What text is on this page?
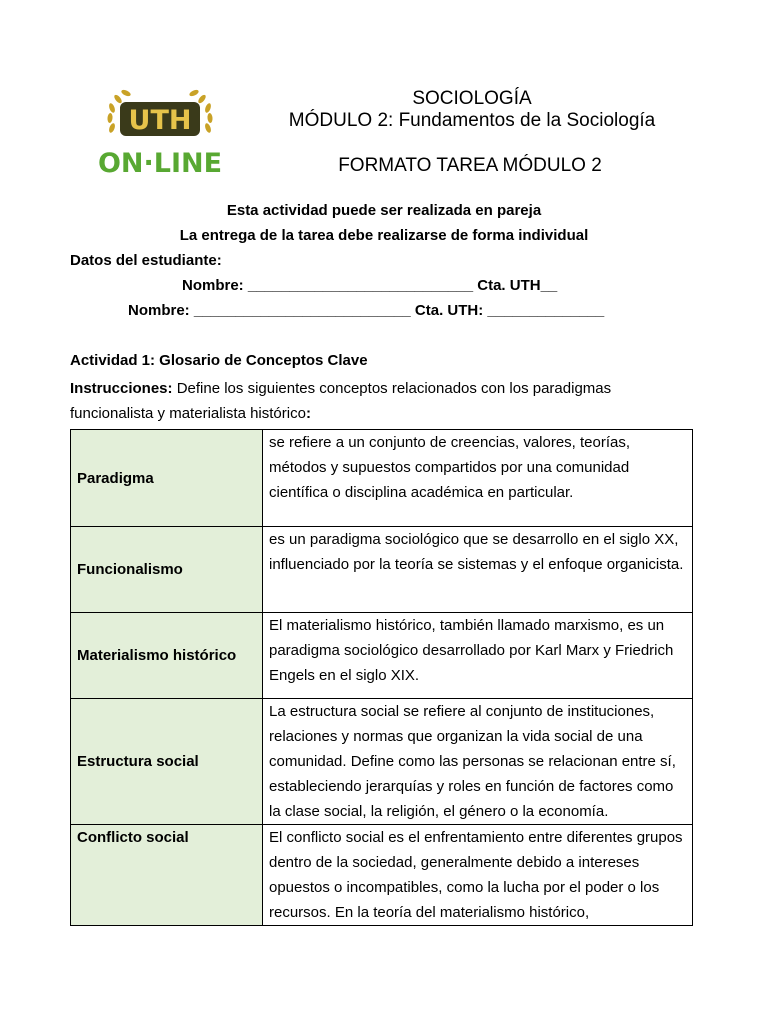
UTH
ON·LINE
SOCIOLOGÍA
MÓDULO 2: Fundamentos de la Sociología
FORMATO TAREA MÓDULO 2
Esta actividad puede ser realizada en pareja
La entrega de la tarea debe realizarse de forma individual
Datos del estudiante:
Nombre: ___________________________ Cta. UTH__
Nombre: __________________________ Cta. UTH: ______________
Actividad 1: Glosario de Conceptos Clave
Instrucciones: Define los siguientes conceptos relacionados con los paradigmas funcionalista y materialista histórico:
Paradigma	se refiere a un conjunto de creencias, valores, teorías, métodos y supuestos compartidos por una comunidad científica o disciplina académica en particular.
Funcionalismo	es un paradigma sociológico que se desarrollo en el siglo XX, influenciado por la teoría se sistemas y el enfoque organicista.
Materialismo histórico	El materialismo histórico, también llamado marxismo, es un paradigma sociológico desarrollado por Karl Marx y Friedrich Engels en el siglo XIX.
Estructura social	La estructura social se refiere al conjunto de instituciones, relaciones y normas que organizan la vida social de una comunidad. Define como las personas se relacionan entre sí, estableciendo jerarquías y roles en función de factores como la clase social, la religión, el género o la economía.
Conflicto social	El conflicto social es el enfrentamiento entre diferentes grupos dentro de la sociedad, generalmente debido a intereses opuestos o incompatibles, como la lucha por el poder o los recursos. En la teoría del materialismo histórico,
